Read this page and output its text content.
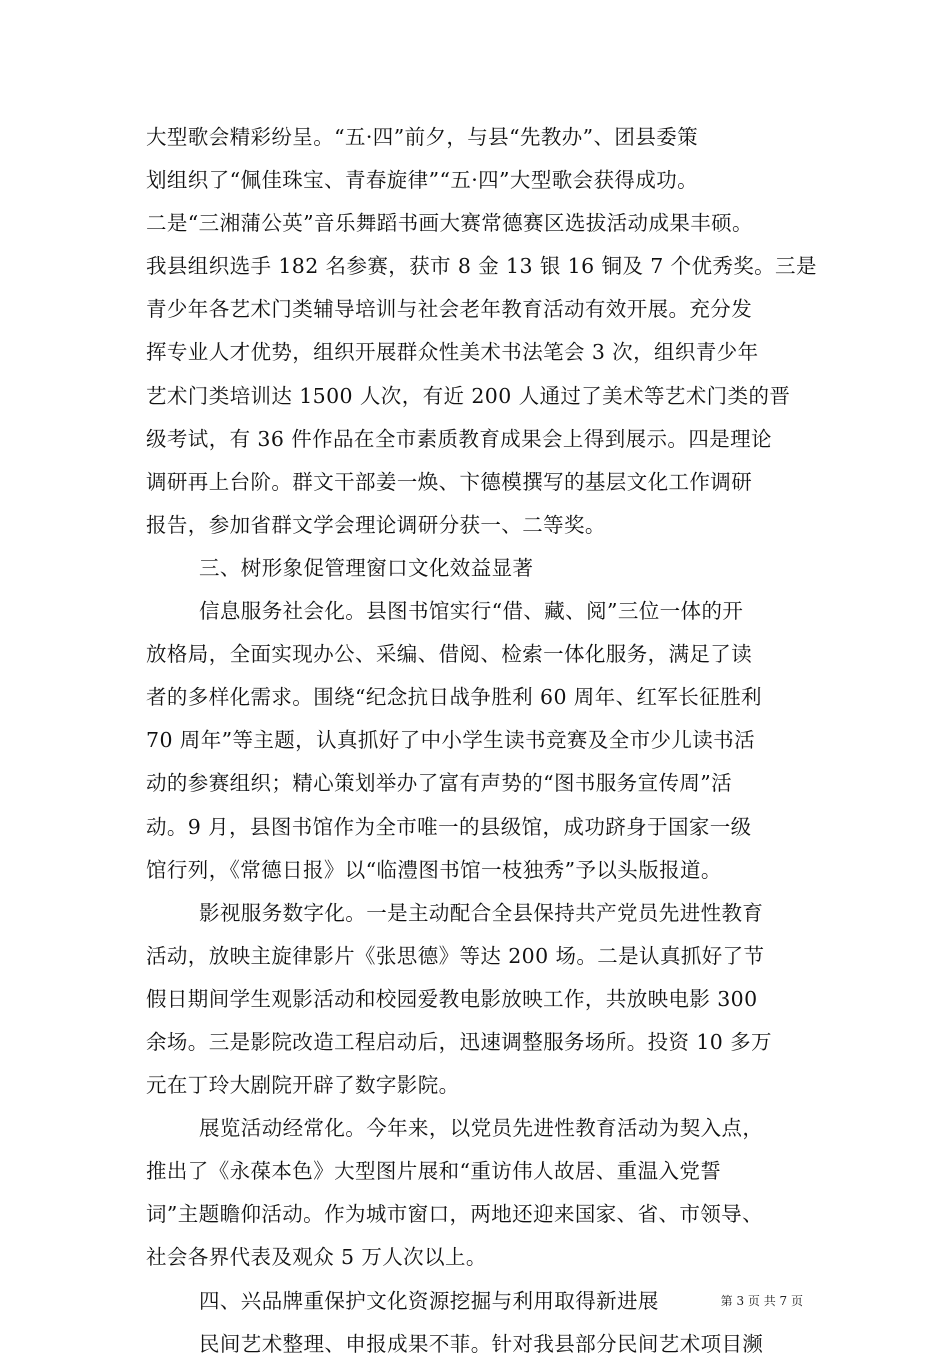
大型歌会精彩纷呈。“五·四”前夕，与县“先教办”、团县委策
划组织了“佩佳珠宝、青春旋律”“五·四”大型歌会获得成功。
二是“三湘蒲公英”音乐舞蹈书画大赛常德赛区选拔活动成果丰硕。
我县组织选手 182 名参赛，获市 8 金 13 银 16 铜及 7 个优秀奖。三是
青少年各艺术门类辅导培训与社会老年教育活动有效开展。充分发
挥专业人才优势，组织开展群众性美术书法笔会 3 次，组织青少年
艺术门类培训达 1500 人次，有近 200 人通过了美术等艺术门类的晋
级考试，有 36 件作品在全市素质教育成果会上得到展示。四是理论
调研再上台阶。群文干部姜一焕、卞德模撰写的基层文化工作调研
报告，参加省群文学会理论调研分获一、二等奖。
三、树形象促管理窗口文化效益显著
信息服务社会化。县图书馆实行“借、藏、阅”三位一体的开
放格局，全面实现办公、采编、借阅、检索一体化服务，满足了读
者的多样化需求。围绕“纪念抗日战争胜利 60 周年、红军长征胜利
70 周年”等主题，认真抓好了中小学生读书竞赛及全市少儿读书活
动的参赛组织；精心策划举办了富有声势的“图书服务宣传周”活
动。9 月，县图书馆作为全市唯一的县级馆，成功跻身于国家一级
馆行列，《常德日报》以“临澧图书馆一枝独秀”予以头版报道。
影视服务数字化。一是主动配合全县保持共产党员先进性教育
活动，放映主旋律影片《张思德》等达 200 场。二是认真抓好了节
假日期间学生观影活动和校园爱教电影放映工作，共放映电影 300
余场。三是影院改造工程启动后，迅速调整服务场所。投资 10 多万
元在丁玲大剧院开辟了数字影院。
展览活动经常化。今年来，以党员先进性教育活动为契入点，
推出了《永葆本色》大型图片展和“重访伟人故居、重温入党誓
词”主题瞻仰活动。作为城市窗口，两地还迎来国家、省、市领导、
社会各界代表及观众 5 万人次以上。
四、兴品牌重保护文化资源挖掘与利用取得新进展
民间艺术整理、申报成果不菲。针对我县部分民间艺术项目濒
第 3 页 共 7 页
